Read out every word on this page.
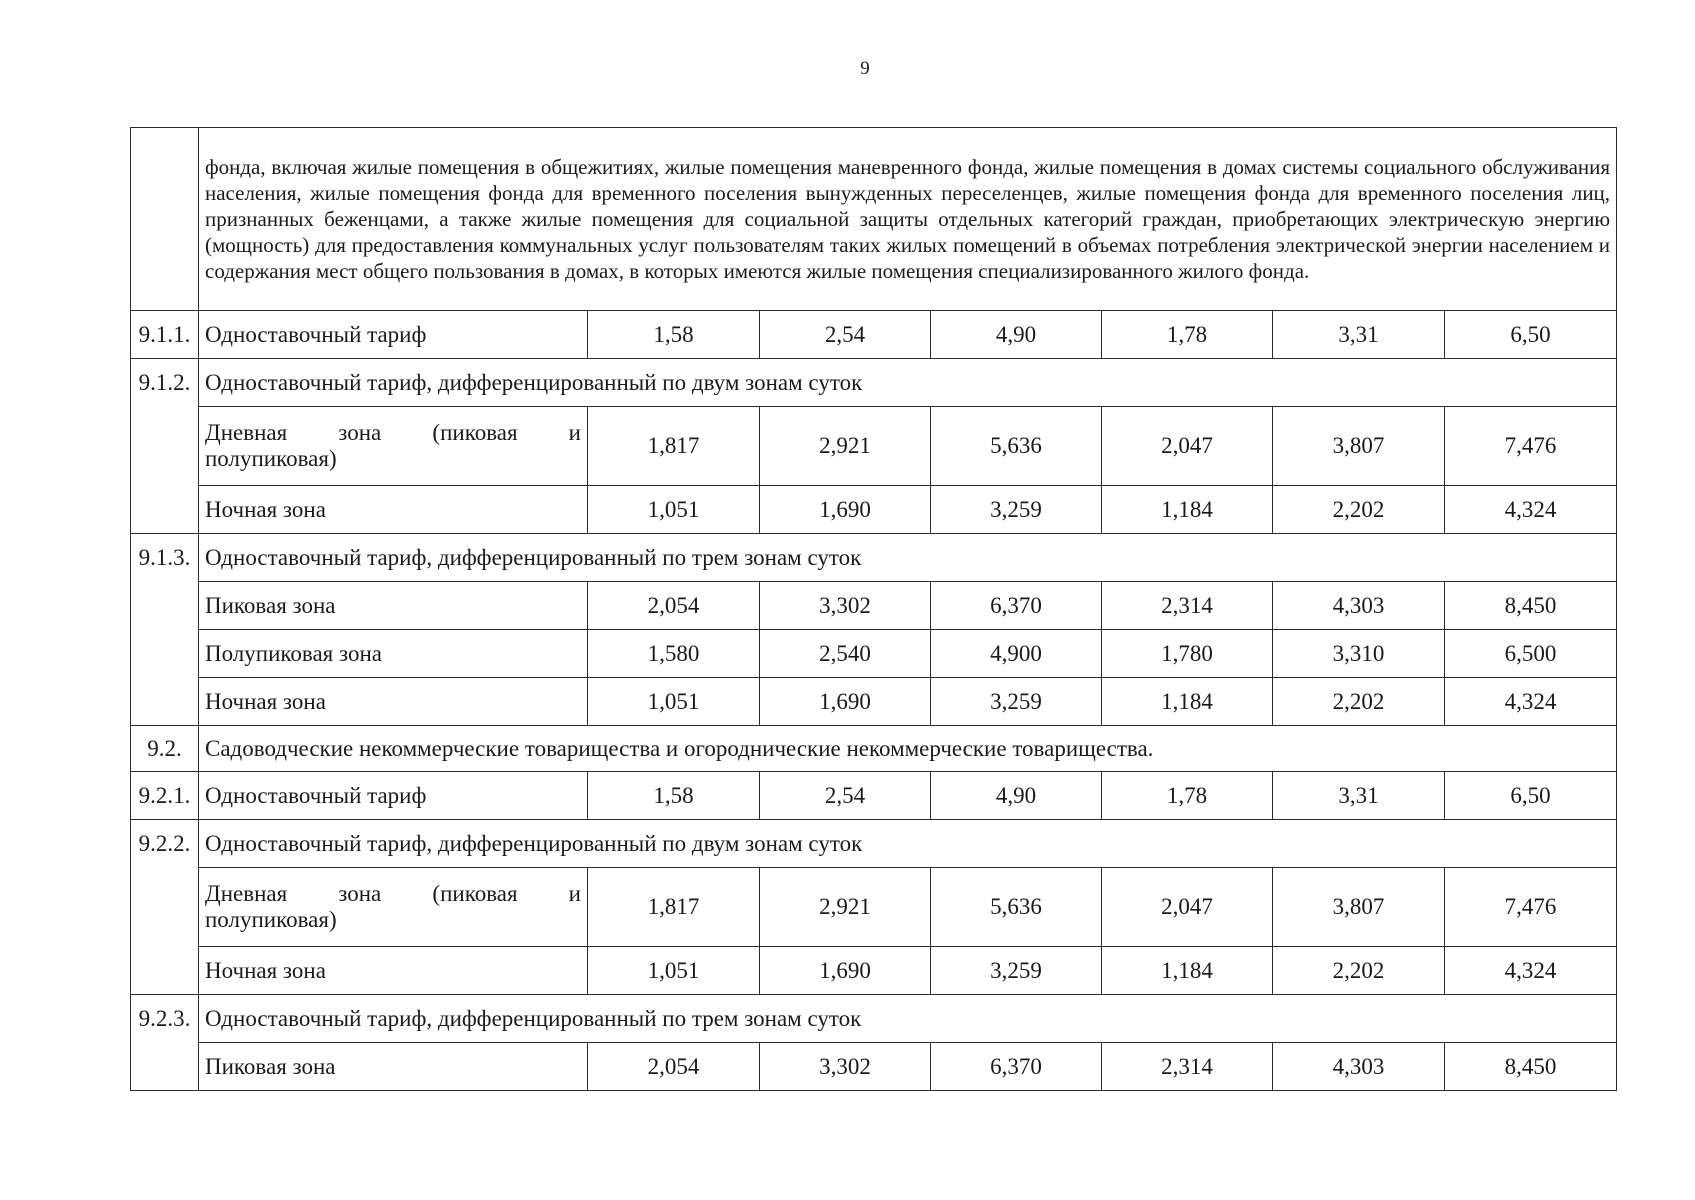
9
	фонда, включая жилые помещения в общежитиях, жилые помещения маневренного фонда, жилые помещения в домах системы социального обслуживания населения, жилые помещения фонда для временного поселения вынужденных переселенцев, жилые помещения фонда для временного поселения лиц, признанных беженцами, а также жилые помещения для социальной защиты отдельных категорий граждан, приобретающих электрическую энергию (мощность) для предоставления коммунальных услуг пользователям таких жилых помещений в объемах потребления электрической энергии населением и содержания мест общего пользования в домах, в которых имеются жилые помещения специализированного жилого фонда.						
9.1.1.	Одноставочный тариф	1,58	2,54	4,90	1,78	3,31	6,50
9.1.2.	Одноставочный тариф, дифференцированный по двум зонам суток						
	Дневная зона (пиковая и полупиковая)	1,817	2,921	5,636	2,047	3,807	7,476
	Ночная зона	1,051	1,690	3,259	1,184	2,202	4,324
9.1.3.	Одноставочный тариф, дифференцированный по трем зонам суток						
	Пиковая зона	2,054	3,302	6,370	2,314	4,303	8,450
	Полупиковая зона	1,580	2,540	4,900	1,780	3,310	6,500
	Ночная зона	1,051	1,690	3,259	1,184	2,202	4,324
9.2.	Садоводческие некоммерческие товарищества и огороднические некоммерческие товарищества.						
9.2.1.	Одноставочный тариф	1,58	2,54	4,90	1,78	3,31	6,50
9.2.2.	Одноставочный тариф, дифференцированный по двум зонам суток						
	Дневная зона (пиковая и полупиковая)	1,817	2,921	5,636	2,047	3,807	7,476
	Ночная зона	1,051	1,690	3,259	1,184	2,202	4,324
9.2.3.	Одноставочный тариф, дифференцированный по трем зонам суток						
	Пиковая зона	2,054	3,302	6,370	2,314	4,303	8,450
